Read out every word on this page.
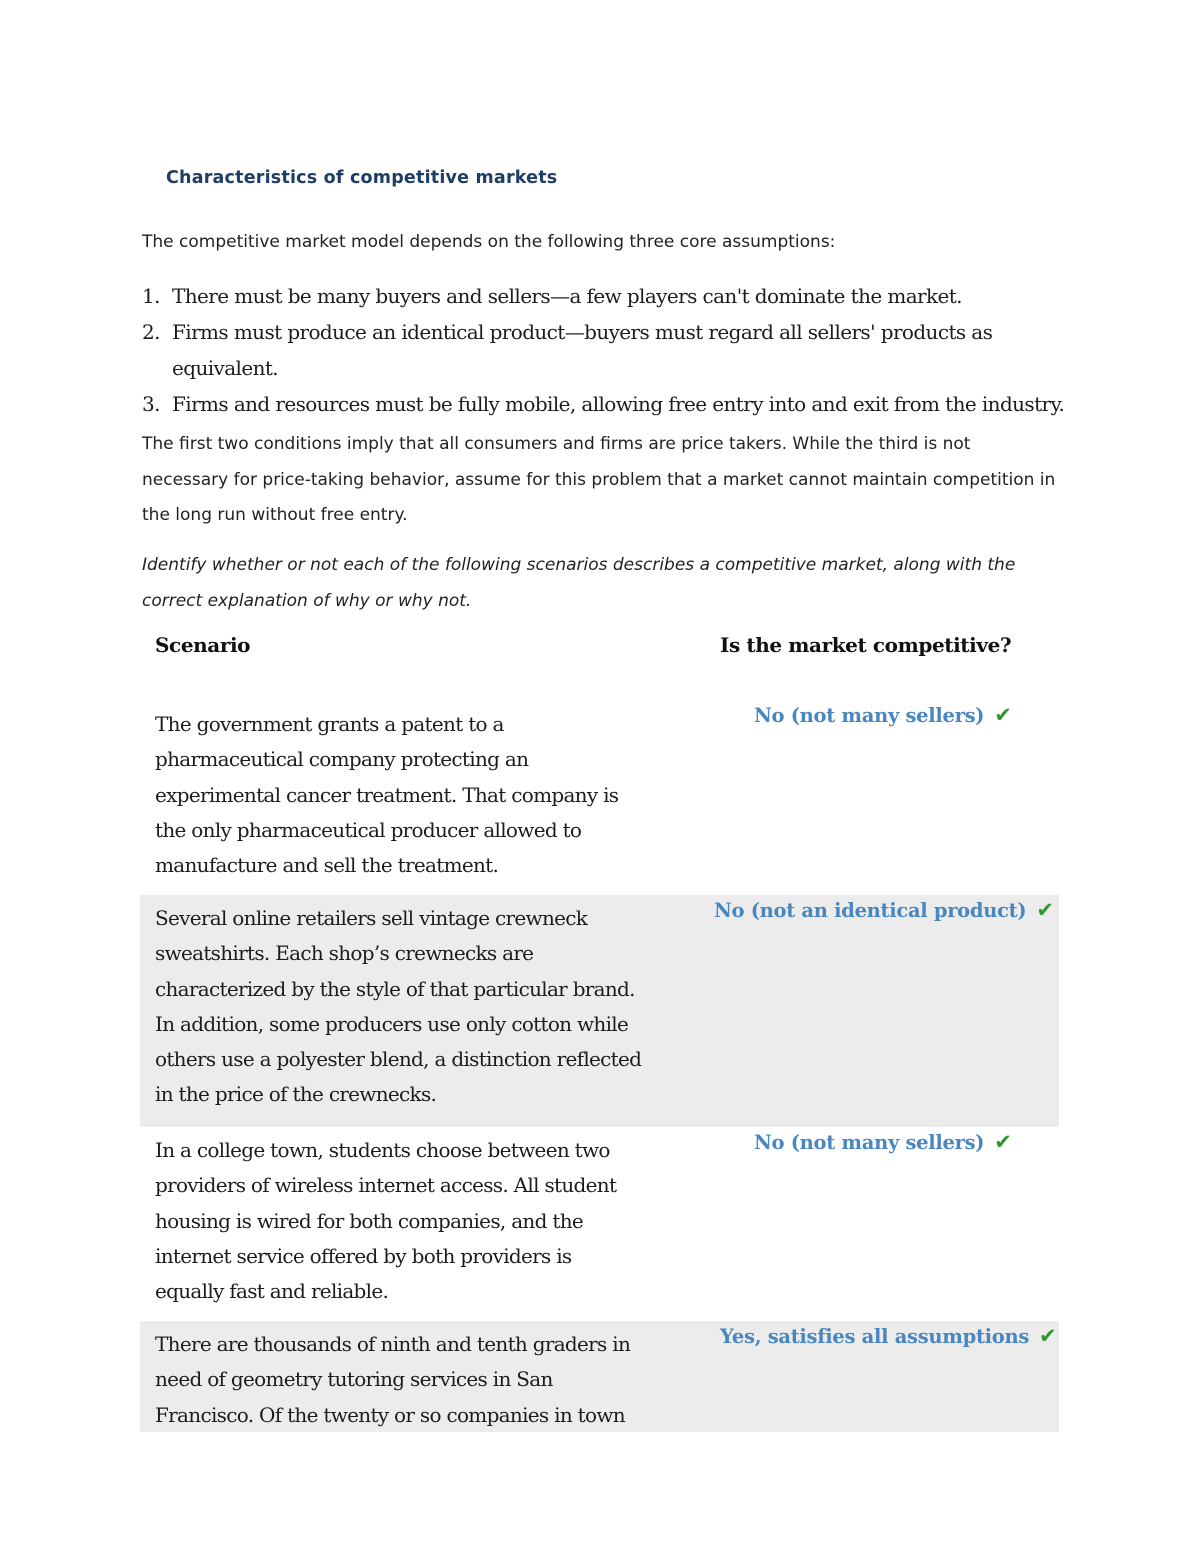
Characteristics of competitive markets
The competitive market model depends on the following three core assumptions:
1. There must be many buyers and sellers—a few players can't dominate the market.
2. Firms must produce an identical product—buyers must regard all sellers' products as equivalent.
3. Firms and resources must be fully mobile, allowing free entry into and exit from the industry.
The first two conditions imply that all consumers and firms are price takers. While the third is not necessary for price-taking behavior, assume for this problem that a market cannot maintain competition in the long run without free entry.
Identify whether or not each of the following scenarios describes a competitive market, along with the correct explanation of why or why not.
Scenario	Is the market competitive?
The government grants a patent to a pharmaceutical company protecting an experimental cancer treatment. That company is the only pharmaceutical producer allowed to manufacture and sell the treatment.
No (not many sellers) ✔
Several online retailers sell vintage crewneck sweatshirts. Each shop’s crewnecks are characterized by the style of that particular brand. In addition, some producers use only cotton while others use a polyester blend, a distinction reflected in the price of the crewnecks.
No (not an identical product) ✔
In a college town, students choose between two providers of wireless internet access. All student housing is wired for both companies, and the internet service offered by both providers is equally fast and reliable.
No (not many sellers) ✔
There are thousands of ninth and tenth graders in need of geometry tutoring services in San Francisco. Of the twenty or so companies in town
Yes, satisfies all assumptions ✔
